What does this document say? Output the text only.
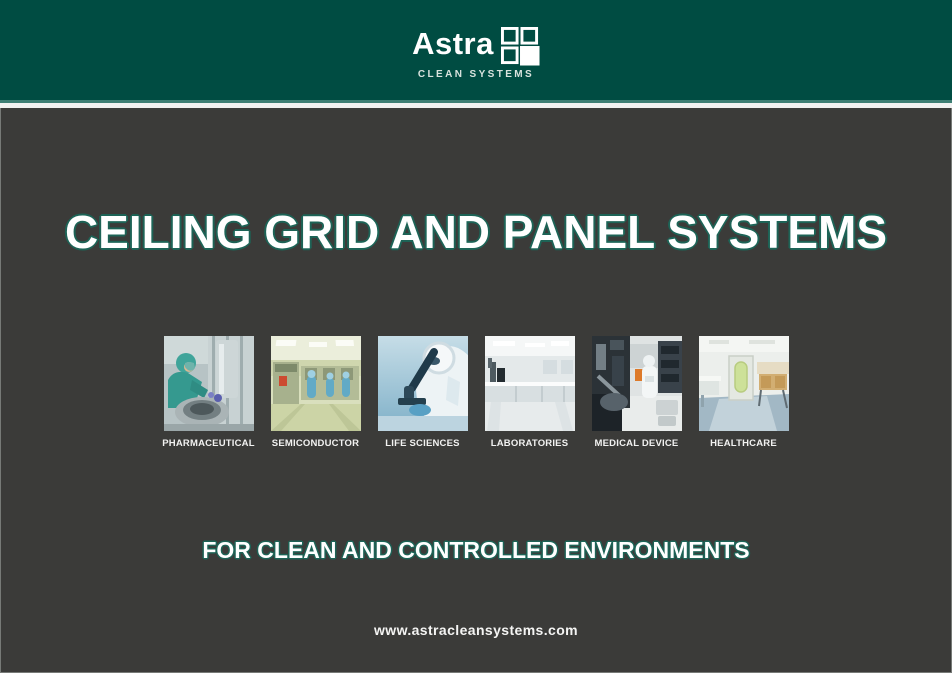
Astra
CLEAN SYSTEMS
CEILING GRID AND PANEL SYSTEMS
PHARMACEUTICAL SEMICONDUCTOR	LIFE SCIENCES	LABORATORIES	MEDICAL DEVICE	HEALTHCARE
FOR CLEAN AND CONTROLLED ENVIRONMENTS
www.astracleansystems.com
